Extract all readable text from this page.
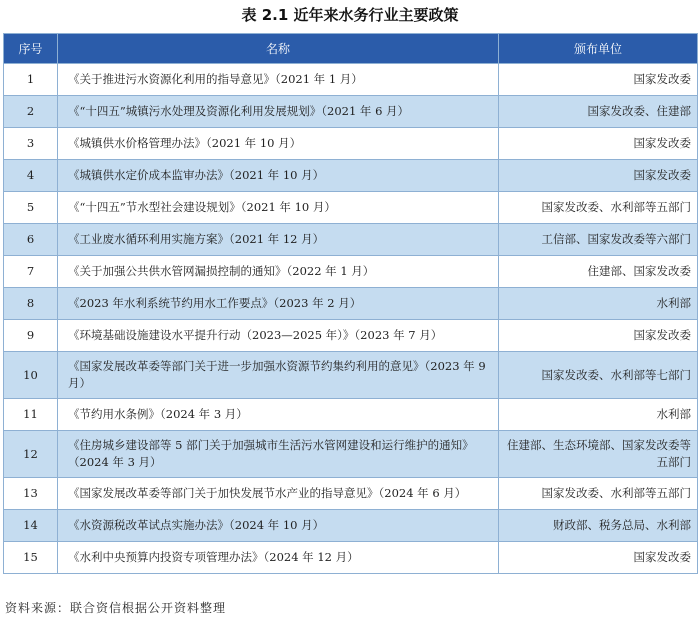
表 2.1 近年来水务行业主要政策
序号	名称	颁布单位
1	《关于推进污水资源化利用的指导意见》（2021 年 1 月）	国家发改委
2	《“十四五”城镇污水处理及资源化利用发展规划》（2021 年 6 月）	国家发改委、住建部
3	《城镇供水价格管理办法》（2021 年 10 月）	国家发改委
4	《城镇供水定价成本监审办法》（2021 年 10 月）	国家发改委
5	《“十四五”节水型社会建设规划》（2021 年 10 月）	国家发改委、水利部等五部门
6	《工业废水循环利用实施方案》（2021 年 12 月）	工信部、国家发改委等六部门
7	《关于加强公共供水管网漏损控制的通知》（2022 年 1 月）	住建部、国家发改委
8	《2023 年水利系统节约用水工作要点》（2023 年 2 月）	水利部
9	《环境基础设施建设水平提升行动（2023—2025 年）》（2023 年 7 月）	国家发改委
10	《国家发展改革委等部门关于进一步加强水资源节约集约利用的意见》（2023 年 9 月）	国家发改委、水利部等七部门
11	《节约用水条例》（2024 年 3 月）	水利部
12	《住房城乡建设部等 5 部门关于加强城市生活污水管网建设和运行维护的通知》（2024 年 3 月）	住建部、生态环境部、国家发改委等五部门
13	《国家发展改革委等部门关于加快发展节水产业的指导意见》（2024 年 6 月）	国家发改委、水利部等五部门
14	《水资源税改革试点实施办法》（2024 年 10 月）	财政部、税务总局、水利部
15	《水利中央预算内投资专项管理办法》（2024 年 12 月）	国家发改委
资料来源：联合资信根据公开资料整理
